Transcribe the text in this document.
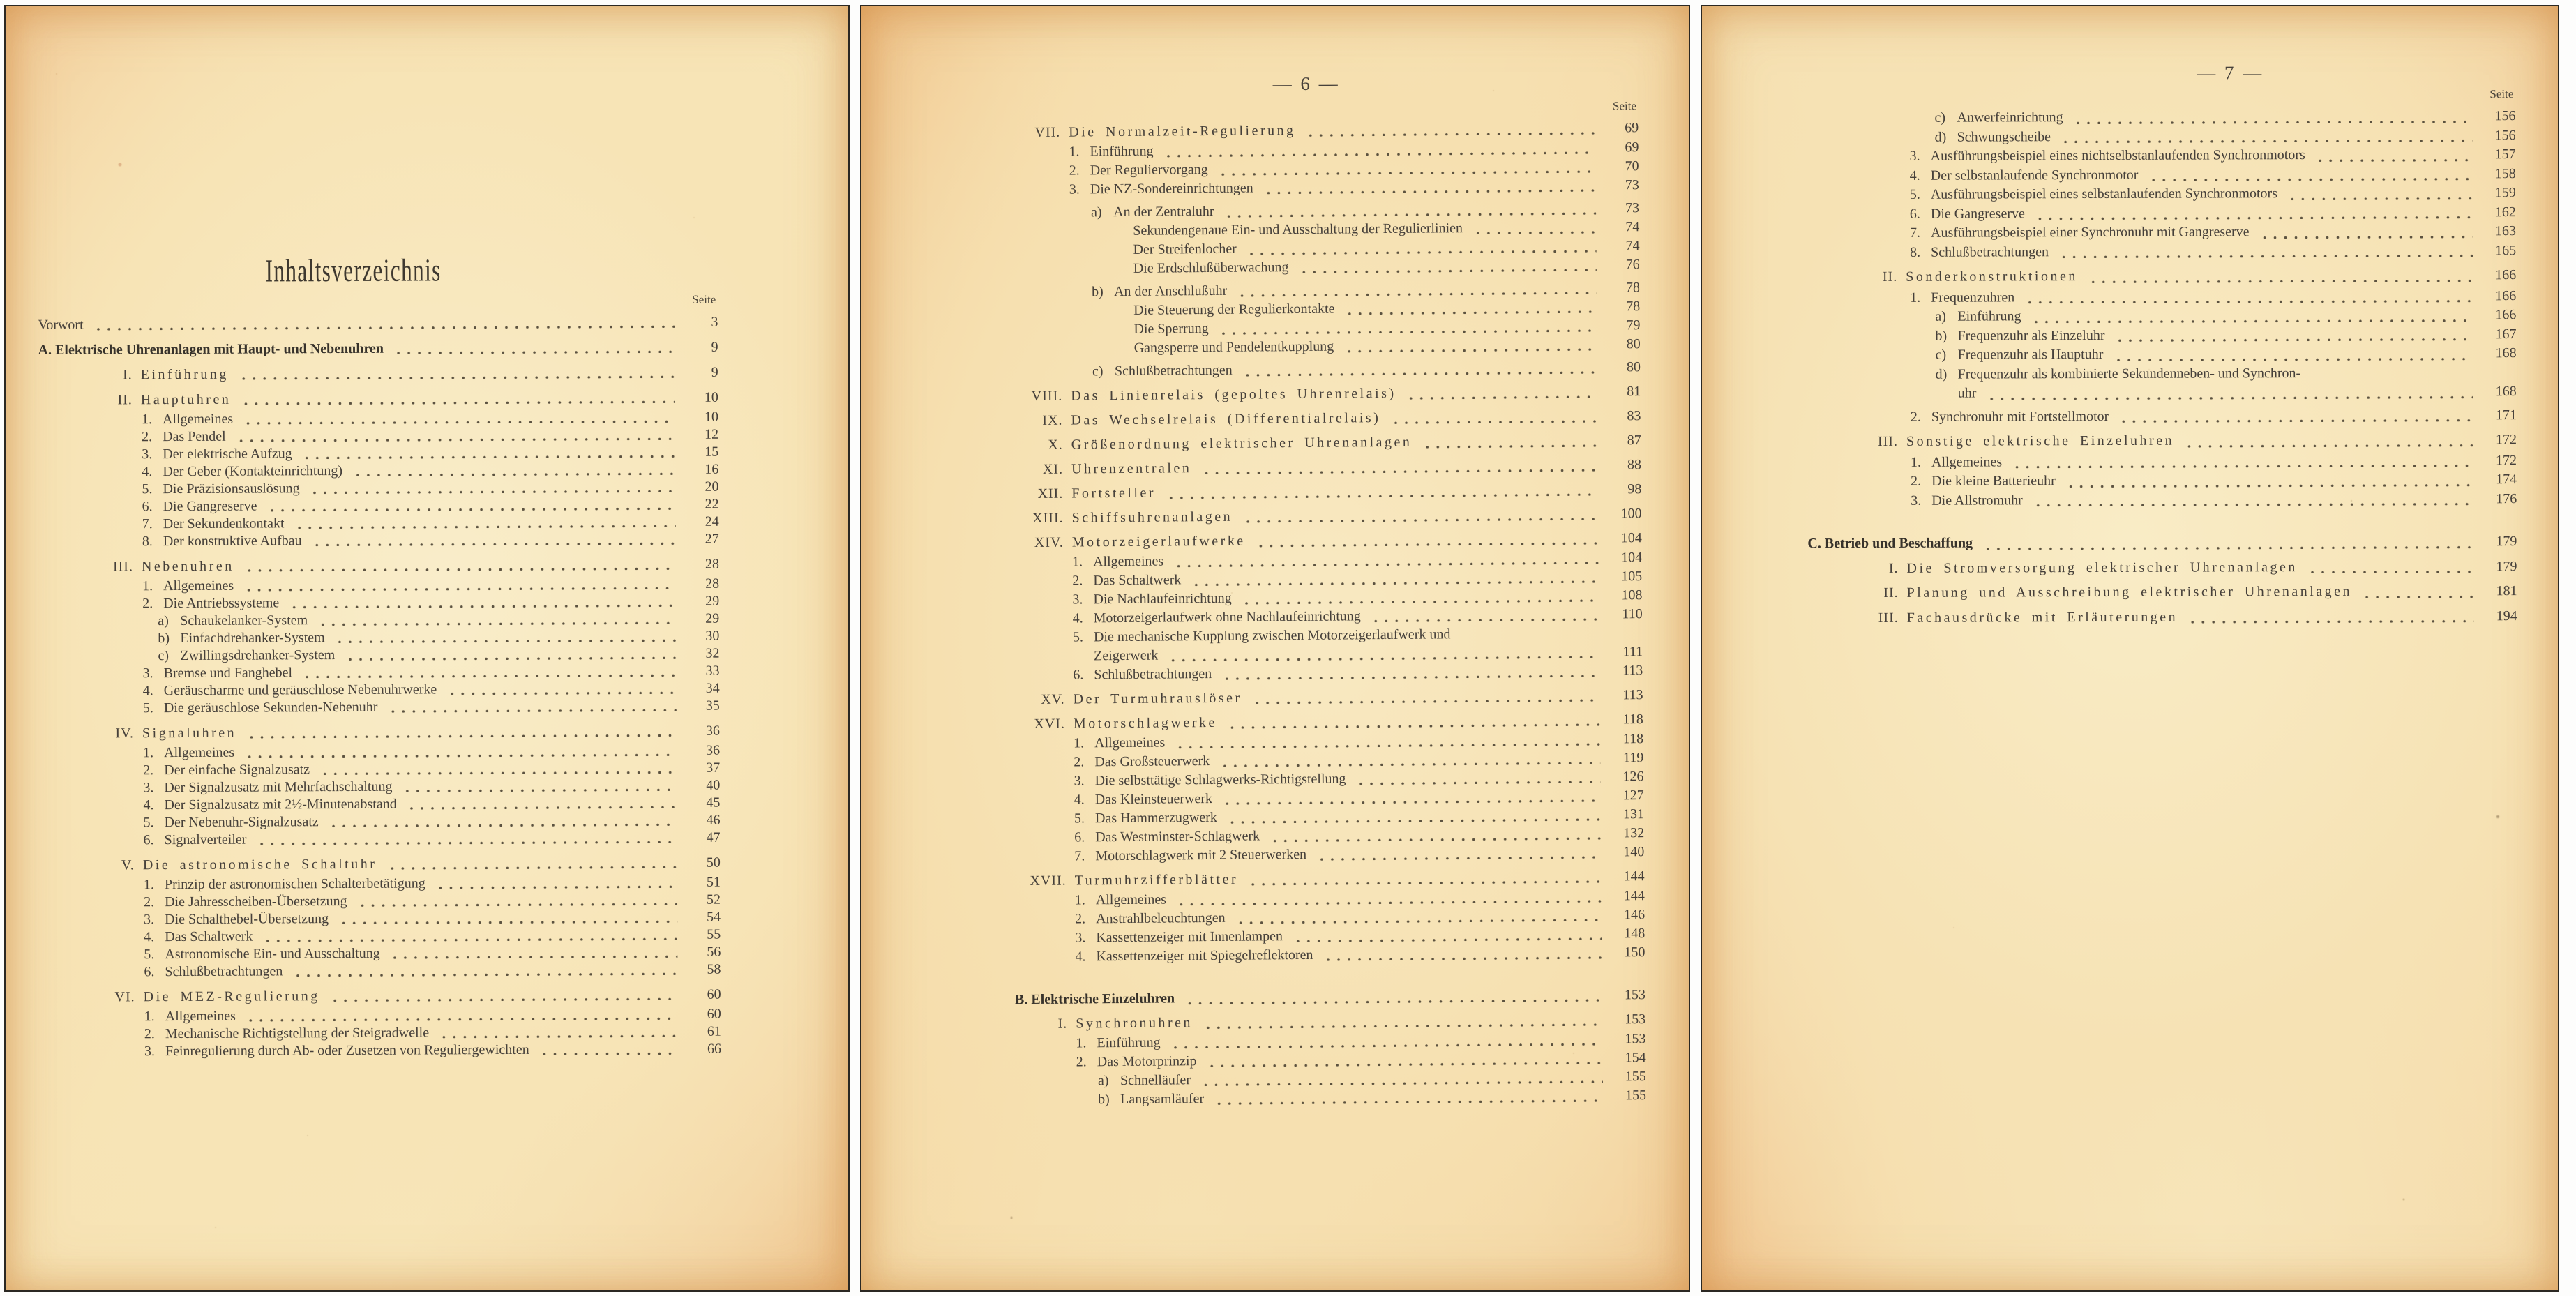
Inhaltsverzeichnis
Seite
Vorwort	3
A. Elektrische Uhrenanlagen mit Haupt- und Nebenuhren	9
I. Einführung	9
II. Hauptuhren	10
1. Allgemeines	10
2. Das Pendel	12
3. Der elektrische Aufzug	15
4. Der Geber (Kontakteinrichtung)	16
5. Die Präzisionsauslösung	20
6. Die Gangreserve	22
7. Der Sekundenkontakt	24
8. Der konstruktive Aufbau	27
III. Nebenuhren	28
1. Allgemeines	28
2. Die Antriebssysteme	29
a) Schaukelanker-System	29
b) Einfachdrehanker-System	30
c) Zwillingsdrehanker-System	32
3. Bremse und Fanghebel	33
4. Geräuscharme und geräuschlose Nebenuhrwerke	34
5. Die geräuschlose Sekunden-Nebenuhr	35
IV. Signaluhren	36
1. Allgemeines	36
2. Der einfache Signalzusatz	37
3. Der Signalzusatz mit Mehrfachschaltung	40
4. Der Signalzusatz mit 2½-Minutenabstand	45
5. Der Nebenuhr-Signalzusatz	46
6. Signalverteiler	47
V. Die astronomische Schaltuhr	50
1. Prinzip der astronomischen Schalterbetätigung	51
2. Die Jahresscheiben-Übersetzung	52
3. Die Schalthebel-Übersetzung	54
4. Das Schaltwerk	55
5. Astronomische Ein- und Ausschaltung	56
6. Schlußbetrachtungen	58
VI. Die MEZ-Regulierung	60
1. Allgemeines	60
2. Mechanische Richtigstellung der Steigradwelle	61
3. Feinregulierung durch Ab- oder Zusetzen von Reguliergewichten	66
— 6 —
Seite
VII. Die Normalzeit-Regulierung	69
1. Einführung	69
2. Der Reguliervorgang	70
3. Die NZ-Sondereinrichtungen	73
a) An der Zentraluhr	73
Sekundengenaue Ein- und Ausschaltung der Regulierlinien	74
Der Streifenlocher	74
Die Erdschlußüberwachung	76
b) An der Anschlußuhr	78
Die Steuerung der Regulierkontakte	78
Die Sperrung	79
Gangsperre und Pendelentkupplung	80
c) Schlußbetrachtungen	80
VIII. Das Linienrelais (gepoltes Uhrenrelais)	81
IX. Das Wechselrelais (Differentialrelais)	83
X. Größenordnung elektrischer Uhrenanlagen	87
XI. Uhrenzentralen	88
XII. Fortsteller	98
XIII. Schiffsuhrenanlagen	100
XIV. Motorzeigerlaufwerke	104
1. Allgemeines	104
2. Das Schaltwerk	105
3. Die Nachlaufeinrichtung	108
4. Motorzeigerlaufwerk ohne Nachlaufeinrichtung	110
5. Die mechanische Kupplung zwischen Motorzeigerlaufwerk und
Zeigerwerk	111
6. Schlußbetrachtungen	113
XV. Der Turmuhrauslöser	113
XVI. Motorschlagwerke	118
1. Allgemeines	118
2. Das Großsteuerwerk	119
3. Die selbsttätige Schlagwerks-Richtigstellung	126
4. Das Kleinsteuerwerk	127
5. Das Hammerzugwerk	131
6. Das Westminster-Schlagwerk	132
7. Motorschlagwerk mit 2 Steuerwerken	140
XVII. Turmuhrzifferblätter	144
1. Allgemeines	144
2. Anstrahlbeleuchtungen	146
3. Kassettenzeiger mit Innenlampen	148
4. Kassettenzeiger mit Spiegelreflektoren	150
B. Elektrische Einzeluhren	153
I. Synchronuhren	153
1. Einführung	153
2. Das Motorprinzip	154
a) Schnelläufer	155
b) Langsamläufer	155
— 7 —
Seite
c) Anwerfeinrichtung	156
d) Schwungscheibe	156
3. Ausführungsbeispiel eines nichtselbstanlaufenden Synchronmotors	157
4. Der selbstanlaufende Synchronmotor	158
5. Ausführungsbeispiel eines selbstanlaufenden Synchronmotors	159
6. Die Gangreserve	162
7. Ausführungsbeispiel einer Synchronuhr mit Gangreserve	163
8. Schlußbetrachtungen	165
II. Sonderkonstruktionen	166
1. Frequenzuhren	166
a) Einführung	166
b) Frequenzuhr als Einzeluhr	167
c) Frequenzuhr als Hauptuhr	168
d) Frequenzuhr als kombinierte Sekundenneben- und Synchron-
uhr	168
2. Synchronuhr mit Fortstellmotor	171
III. Sonstige elektrische Einzeluhren	172
1. Allgemeines	172
2. Die kleine Batterieuhr	174
3. Die Allstromuhr	176
C. Betrieb und Beschaffung	179
I. Die Stromversorgung elektrischer Uhrenanlagen	179
II. Planung und Ausschreibung elektrischer Uhrenanlagen	181
III. Fachausdrücke mit Erläuterungen	194
